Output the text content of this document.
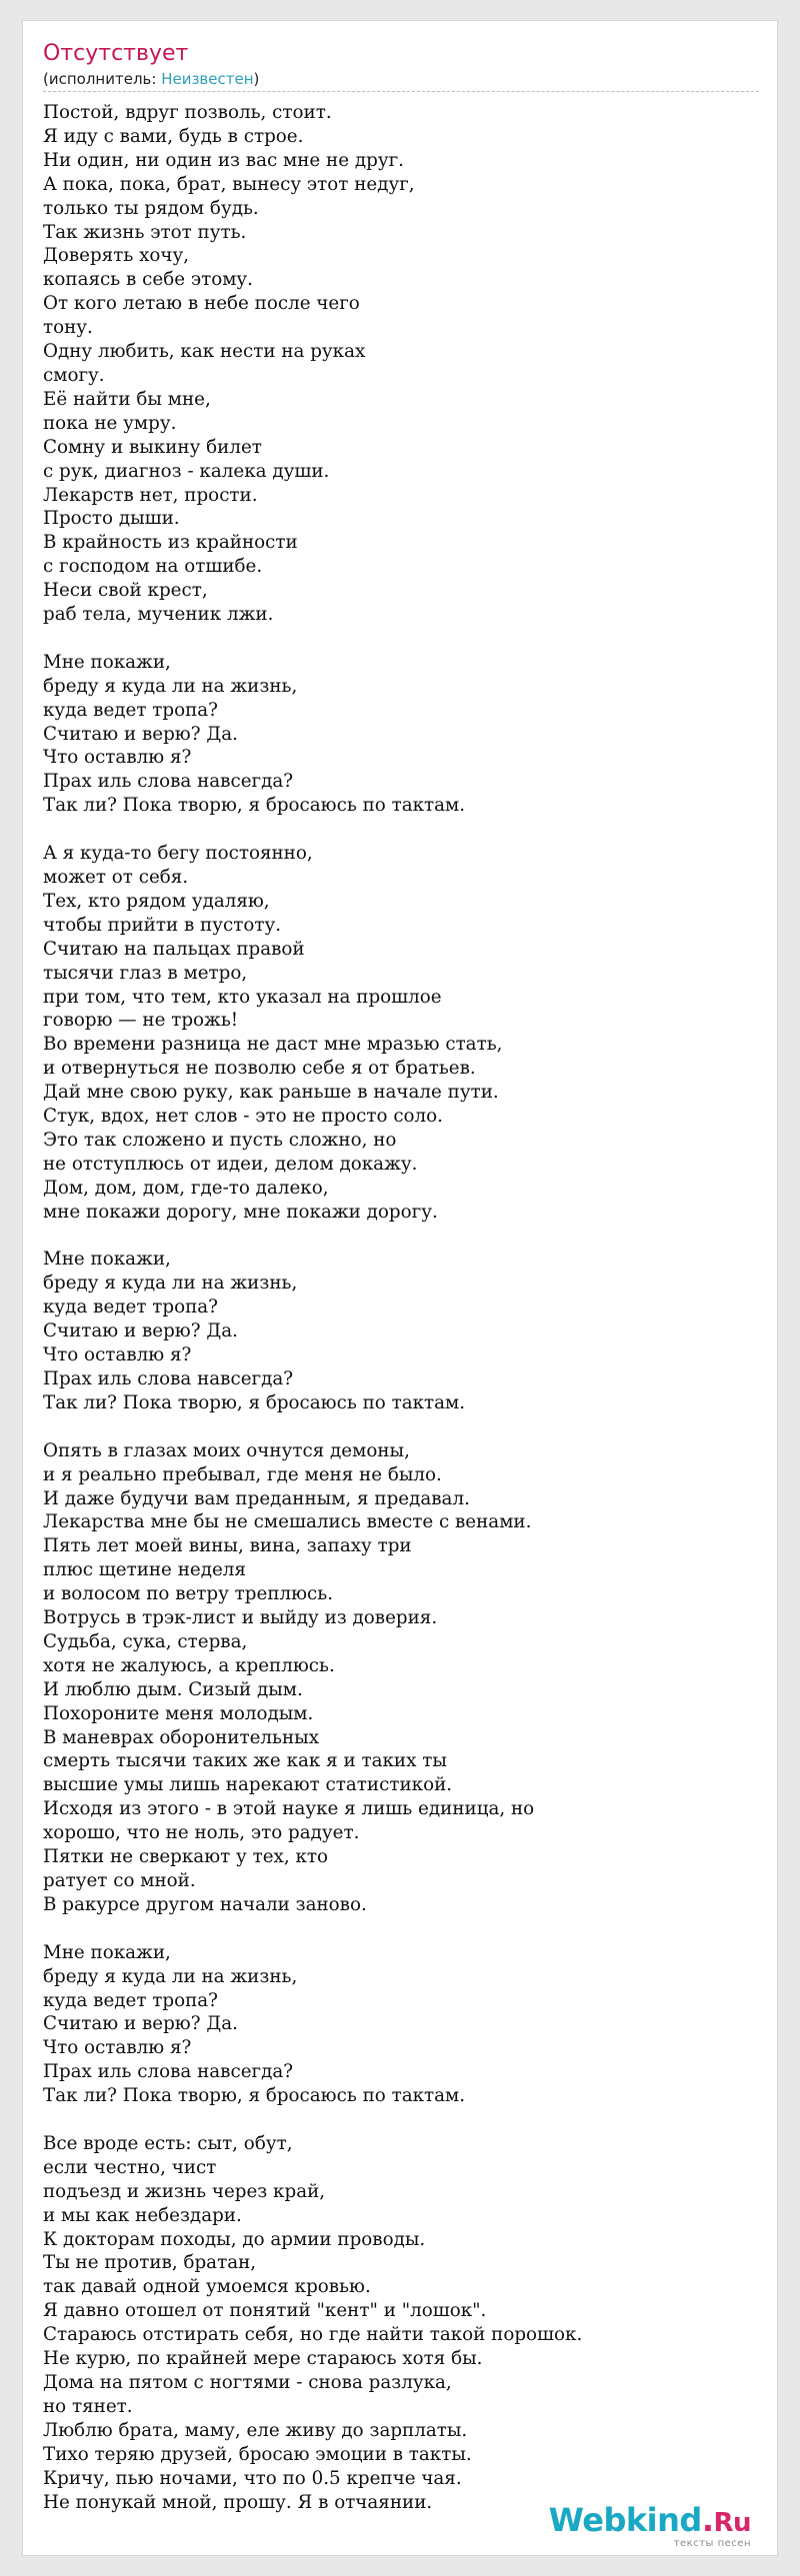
Отсутствует
(исполнитель: Неизвестен)
Постой, вдруг позволь, стоит.
Я иду с вами, будь в строе.
Ни один, ни один из вас мне не друг.
А пока, пока, брат, вынесу этот недуг,
только ты рядом будь.
Так жизнь этот путь.
Доверять хочу,
копаясь в себе этому.
От кого летаю в небе после чего
тону.
Одну любить, как нести на руках
смогу.
Её найти бы мне,
пока не умру.
Сомну и выкину билет
с рук, диагноз - калека души.
Лекарств нет, прости.
Просто дыши.
В крайность из крайности
с господом на отшибе.
Неси свой крест,
раб тела, мученик лжи.
Мне покажи,
бреду я куда ли на жизнь,
куда ведет тропа?
Считаю и верю? Да.
Что оставлю я?
Прах иль слова навсегда?
Так ли? Пока творю, я бросаюсь по тактам.
А я куда-то бегу постоянно,
может от себя.
Тех, кто рядом удаляю,
чтобы прийти в пустоту.
Считаю на пальцах правой
тысячи глаз в метро,
при том, что тем, кто указал на прошлое
говорю — не трожь!
Во времени разница не даст мне мразью стать,
и отвернуться не позволю себе я от братьев.
Дай мне свою руку, как раньше в начале пути.
Стук, вдох, нет слов - это не просто соло.
Это так сложено и пусть сложно, но
не отступлюсь от идеи, делом докажу.
Дом, дом, дом, где-то далеко,
мне покажи дорогу, мне покажи дорогу.
Мне покажи,
бреду я куда ли на жизнь,
куда ведет тропа?
Считаю и верю? Да.
Что оставлю я?
Прах иль слова навсегда?
Так ли? Пока творю, я бросаюсь по тактам.
Опять в глазах моих очнутся демоны,
и я реально пребывал, где меня не было.
И даже будучи вам преданным, я предавал.
Лекарства мне бы не смешались вместе с венами.
Пять лет моей вины, вина, запаху три
плюс щетине неделя
и волосом по ветру треплюсь.
Вотрусь в трэк-лист и выйду из доверия.
Судьба, сука, стерва,
хотя не жалуюсь, а креплюсь.
И люблю дым. Сизый дым.
Похороните меня молодым.
В маневрах оборонительных
смерть тысячи таких же как я и таких ты
высшие умы лишь нарекают статистикой.
Исходя из этого - в этой науке я лишь единица, но
хорошо, что не ноль, это радует.
Пятки не сверкают у тех, кто
ратует со мной.
В ракурсе другом начали заново.
Мне покажи,
бреду я куда ли на жизнь,
куда ведет тропа?
Считаю и верю? Да.
Что оставлю я?
Прах иль слова навсегда?
Так ли? Пока творю, я бросаюсь по тактам.
Все вроде есть: сыт, обут,
если честно, чист
подъезд и жизнь через край,
и мы как небездари.
К докторам походы, до армии проводы.
Ты не против, братан,
так давай одной умоемся кровью.
Я давно отошел от понятий "кент" и "лошок".
Стараюсь отстирать себя, но где найти такой порошок.
Не курю, по крайней мере стараюсь хотя бы.
Дома на пятом с ногтями - снова разлука,
но тянет.
Люблю брата, маму, еле живу до зарплаты.
Тихо теряю друзей, бросаю эмоции в такты.
Кричу, пью ночами, что по 0.5 крепче чая.
Не понукай мной, прошу. Я в отчаянии.	Webkind.Ru
тексты песен
